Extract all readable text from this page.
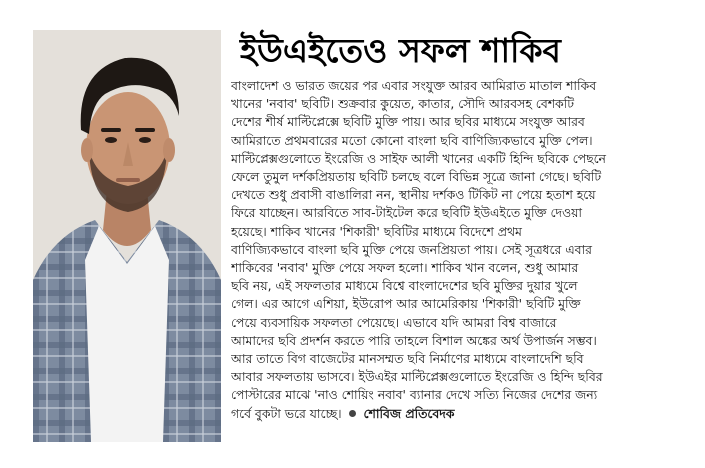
ইউএইতেও সফল শাকিব
বাংলাদেশ ও ভারত জয়ের পর এবার সংযুক্ত আরব আমিরাত মাতাল শাকিব
খানের 'নবাব' ছবিটি। শুক্রবার কুয়েত, কাতার, সৌদি আরবসহ বেশকটি
দেশের শীর্ষ মাল্টিপ্লেক্সে ছবিটি মুক্তি পায়। আর ছবির মাধ্যমে সংযুক্ত আরব
আমিরাতে প্রথমবারের মতো কোনো বাংলা ছবি বাণিজ্যিকভাবে মুক্তি পেল।
মাল্টিপ্লেক্সগুলোতে ইংরেজি ও সাইফ আলী খানের একটি হিন্দি ছবিকে পেছনে
ফেলে তুমুল দর্শকপ্রিয়তায় ছবিটি চলছে বলে বিভিন্ন সূত্রে জানা গেছে। ছবিটি
দেখতে শুধু প্রবাসী বাঙালিরা নন, স্থানীয় দর্শকও টিকিট না পেয়ে হতাশ হয়ে
ফিরে যাচ্ছেন। আরবিতে সাব-টাইটেল করে ছবিটি ইউএইতে মুক্তি দেওয়া
হয়েছে। শাকিব খানের 'শিকারী' ছবিটির মাধ্যমে বিদেশে প্রথম
বাণিজ্যিকভাবে বাংলা ছবি মুক্তি পেয়ে জনপ্রিয়তা পায়। সেই সূত্রধরে এবার
শাকিবের 'নবাব' মুক্তি পেয়ে সফল হলো। শাকিব খান বলেন, শুধু আমার
ছবি নয়, এই সফলতার মাধ্যমে বিশ্বে বাংলাদেশের ছবি মুক্তির দুয়ার খুলে
গেল। এর আগে এশিয়া, ইউরোপ আর আমেরিকায় 'শিকারী' ছবিটি মুক্তি
পেয়ে ব্যবসায়িক সফলতা পেয়েছে। এভাবে যদি আমরা বিশ্ব বাজারে
আমাদের ছবি প্রদর্শন করতে পারি তাহলে বিশাল অঙ্কের অর্থ উপার্জন সম্ভব।
আর তাতে বিগ বাজেটের মানসম্মত ছবি নির্মাণের মাধ্যমে বাংলাদেশি ছবি
আবার সফলতায় ভাসবে। ইউএইর মাল্টিপ্লেক্সগুলোতে ইংরেজি ও হিন্দি ছবির
পোস্টারের মাঝে 'নাও শোয়িং নবাব' ব্যানার দেখে সত্যি নিজের দেশের জন্য
গর্বে বুকটা ভরে যাচ্ছে। শোবিজ প্রতিবেদক
